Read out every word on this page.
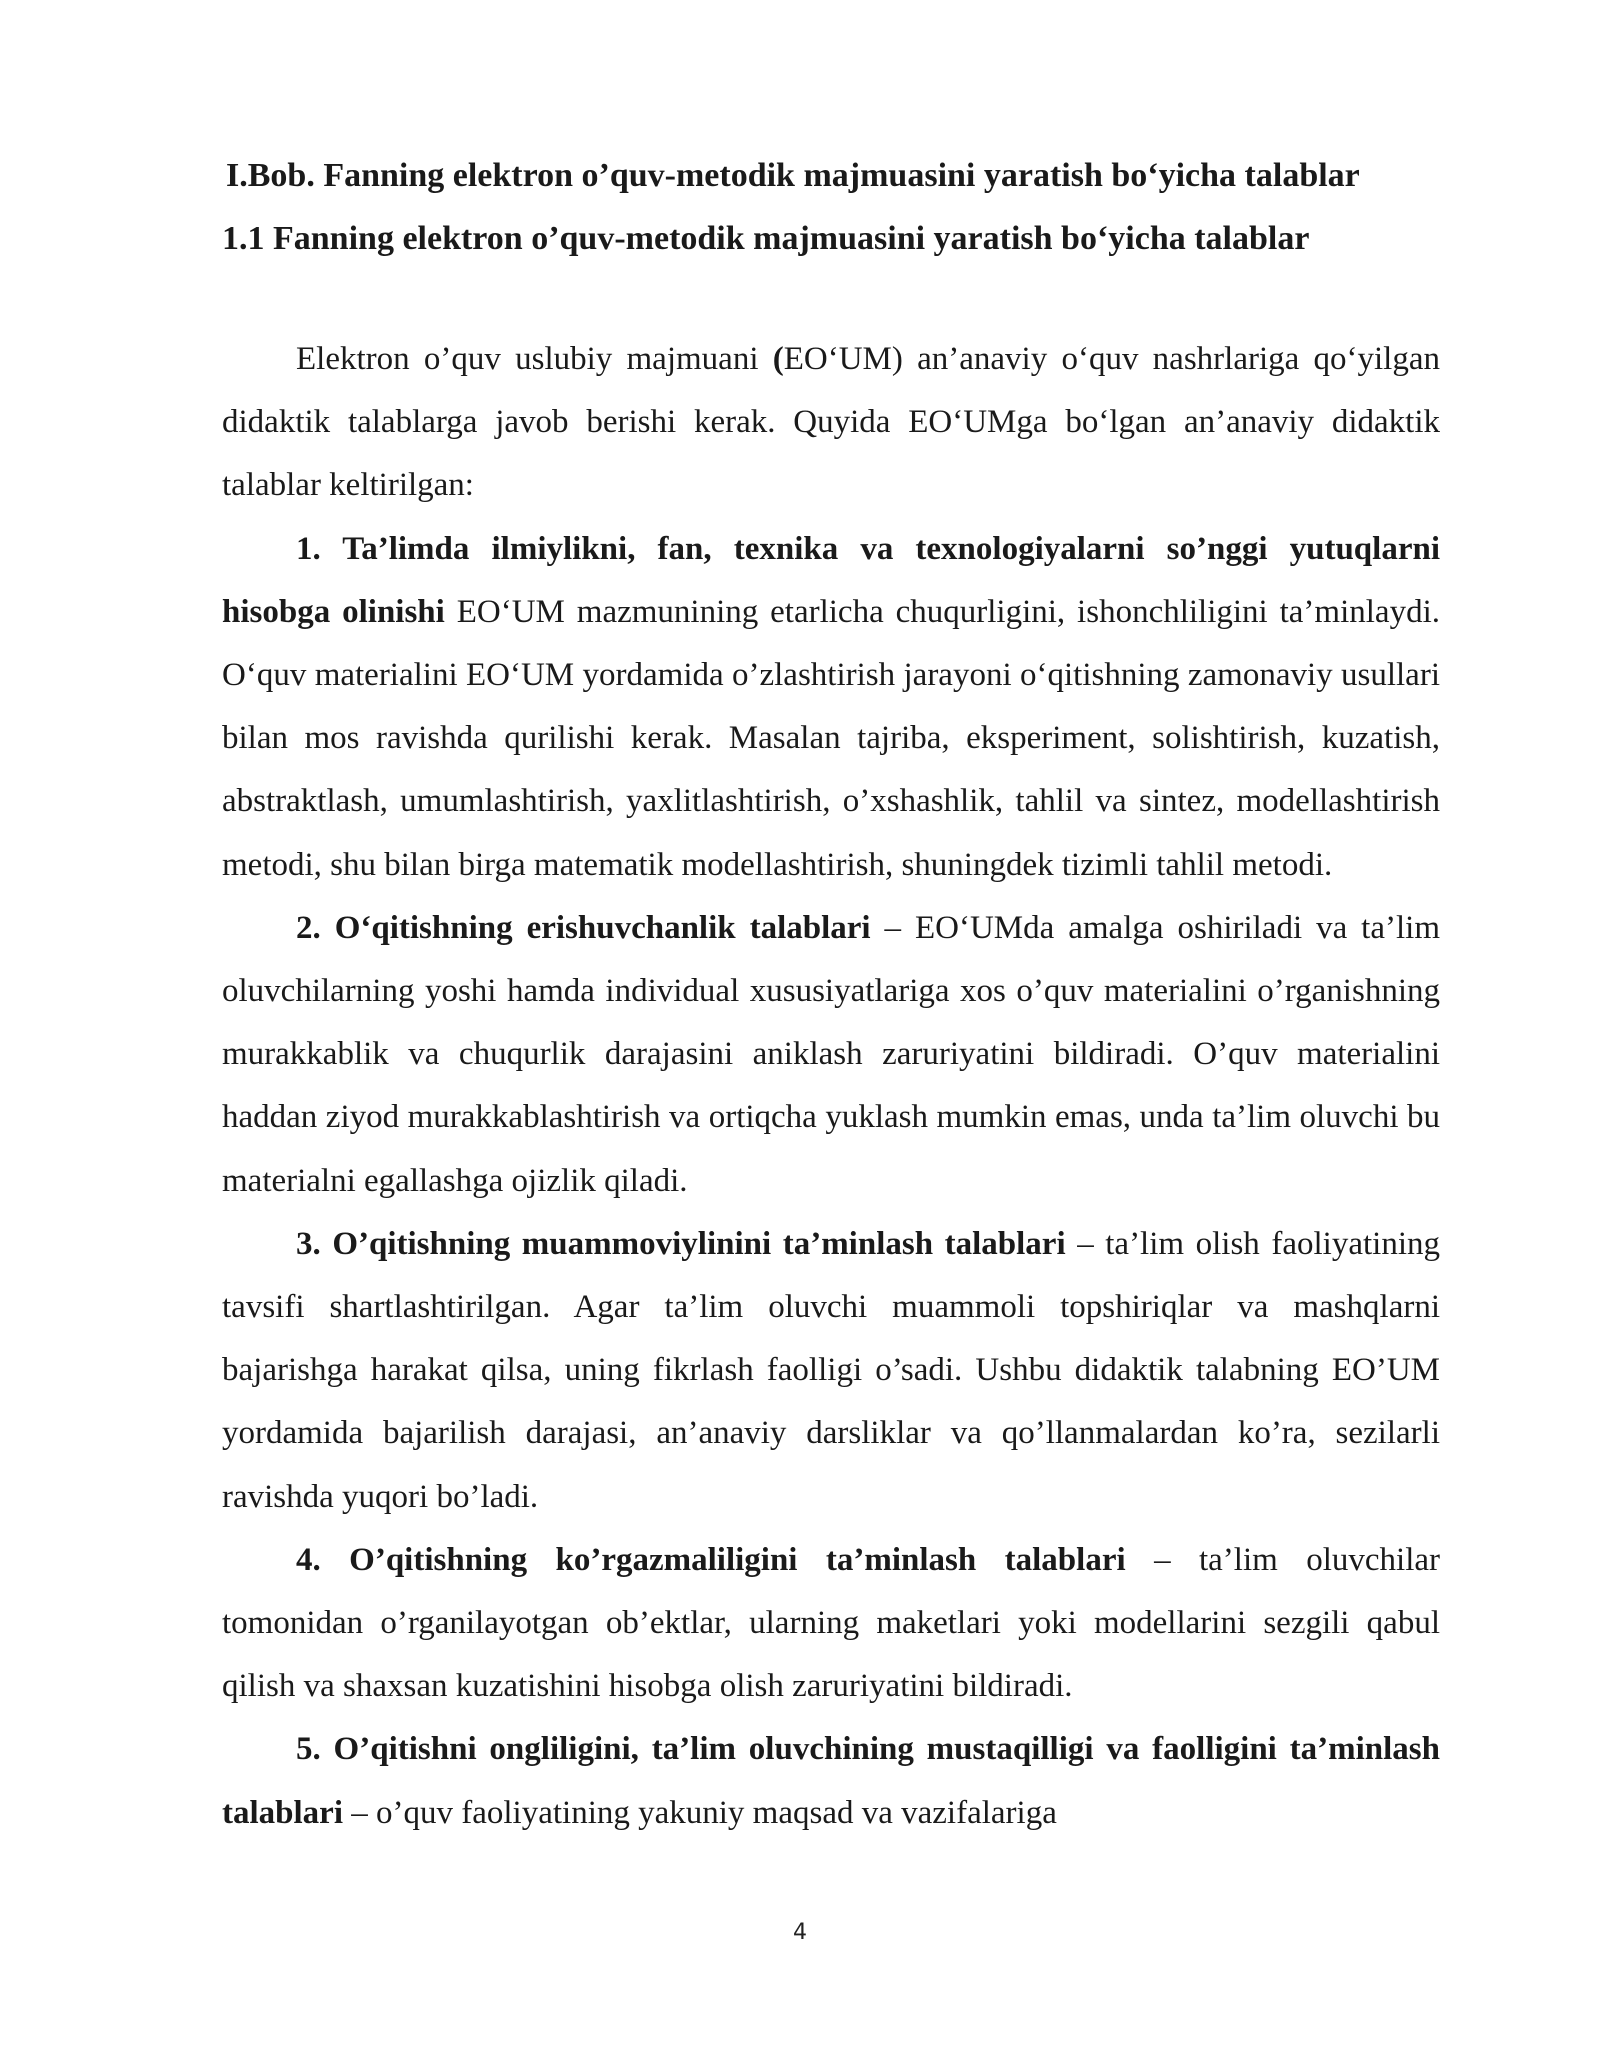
I.Bob. Fanning elektron o’quv-metodik majmuasini yaratish bo‘yicha talablar
1.1 Fanning elektron o’quv-metodik majmuasini yaratish bo‘yicha talablar

Elektron o’quv uslubiy majmuani (EO‘UM) an’anaviy o‘quv nashrlariga qo‘yilgan didaktik talablarga javob berishi kerak. Quyida EO‘UMga bo‘lgan an’anaviy didaktik talablar keltirilgan:

1. Ta’limda ilmiylikni, fan, texnika va texnologiyalarni so’nggi yutuqlarni hisobga olinishi EO‘UM mazmunining etarlicha chuqurligini, ishonchliligini ta’minlaydi. O‘quv materialini EO‘UM yordamida o’zlashtirish jarayoni o‘qitishning zamonaviy usullari bilan mos ravishda qurilishi kerak. Masalan tajriba, eksperiment, solishtirish, kuzatish, abstraktlash, umumlashtirish, yaxlitlashtirish, o’xshashlik, tahlil va sintez, modellashtirish metodi, shu bilan birga matematik modellashtirish, shuningdek tizimli tahlil metodi.

2. O‘qitishning erishuvchanlik talablari – EO‘UMda amalga oshiriladi va ta’lim oluvchilarning yoshi hamda individual xususiyatlariga xos o’quv materialini o’rganishning murakkablik va chuqurlik darajasini aniklash zaruriyatini bildiradi. O’quv materialini haddan ziyod murakkablashtirish va ortiqcha yuklash mumkin emas, unda ta’lim oluvchi bu materialni egallashga ojizlik qiladi.

3. O’qitishning muammoviylinini ta’minlash talablari – ta’lim olish faoliyatining tavsifi shartlashtirilgan. Agar ta’lim oluvchi muammoli topshiriqlar va mashqlarni bajarishga harakat qilsa, uning fikrlash faolligi o’sadi. Ushbu didaktik talabning EO’UM yordamida bajarilish darajasi, an’anaviy darsliklar va qo’llanmalardan ko’ra, sezilarli ravishda yuqori bo’ladi.

4. O’qitishning ko’rgazmaliligini ta’minlash talablari – ta’lim oluvchilar tomonidan o’rganilayotgan ob’ektlar, ularning maketlari yoki modellarini sezgili qabul qilish va shaxsan kuzatishini hisobga olish zaruriyatini bildiradi.

5. O’qitishni ongliligini, ta’lim oluvchining mustaqilligi va faolligini ta’minlash talablari – o’quv faoliyatining yakuniy maqsad va vazifalariga

4
